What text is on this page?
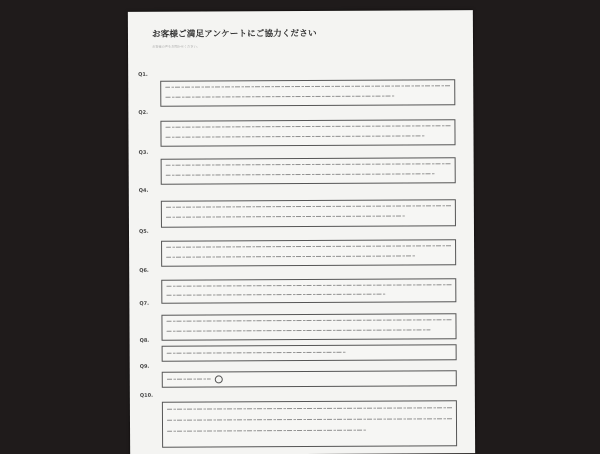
お客様ご満足アンケートにご協力ください
お客様の声をお聞かせください。
Q1.
Q2.
Q3.
Q4.
Q5.
Q6.
Q7.
Q8.
Q9.
Q10.
